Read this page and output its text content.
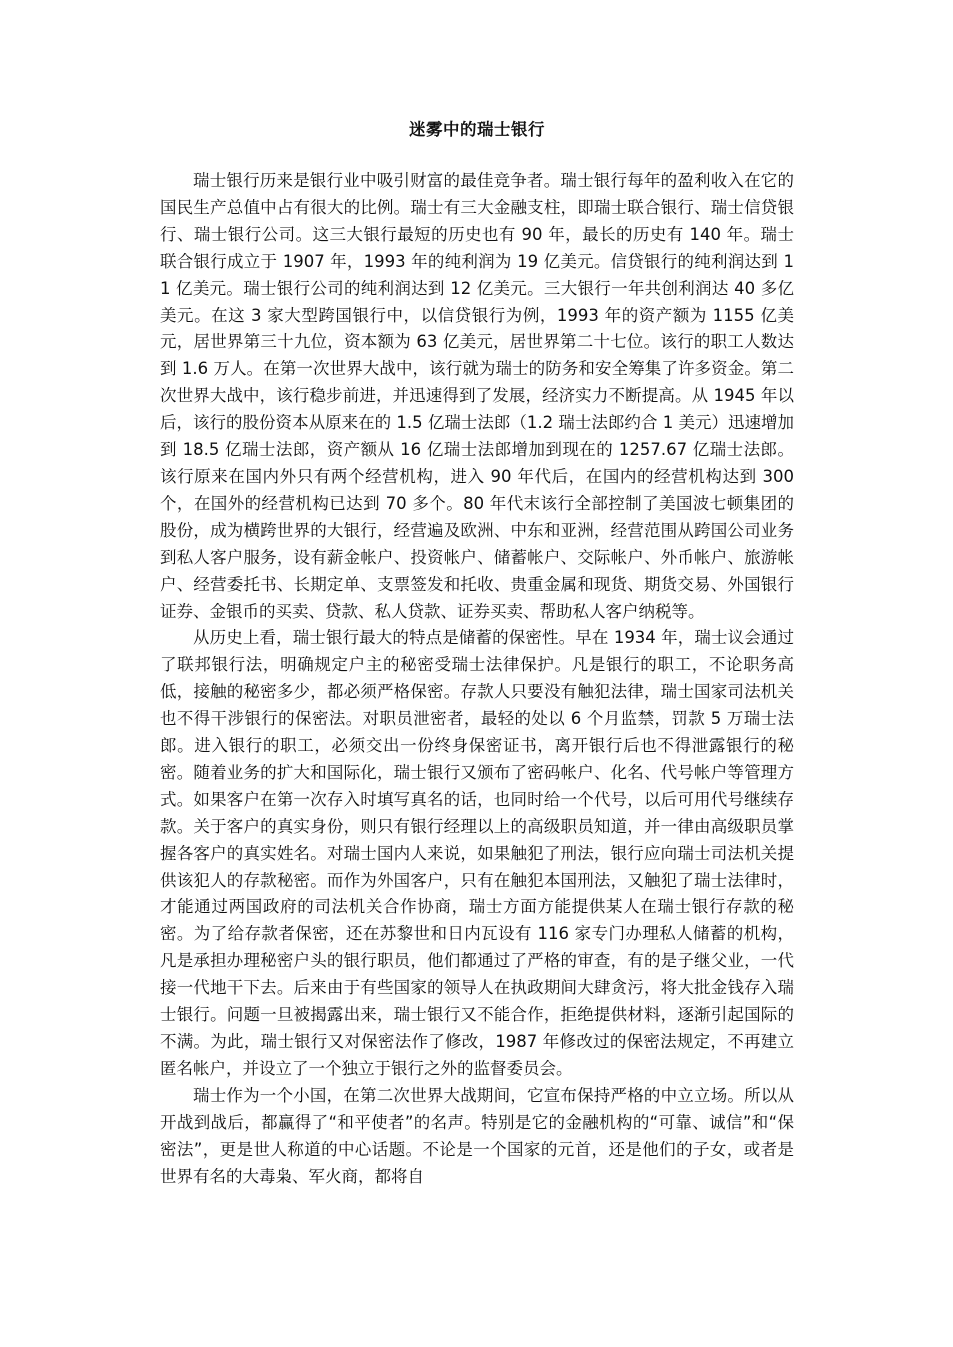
迷雾中的瑞士银行

瑞士银行历来是银行业中吸引财富的最佳竞争者。瑞士银行每年的盈利收入在它的国民生产总值中占有很大的比例。瑞士有三大金融支柱，即瑞士联合银行、瑞士信贷银行、瑞士银行公司。这三大银行最短的历史也有 90 年，最长的历史有 140 年。瑞士联合银行成立于 1907 年，1993 年的纯利润为 19 亿美元。信贷银行的纯利润达到 11 亿美元。瑞士银行公司的纯利润达到 12 亿美元。三大银行一年共创利润达 40 多亿美元。在这 3 家大型跨国银行中，以信贷银行为例，1993 年的资产额为 1155 亿美元，居世界第三十九位，资本额为 63 亿美元，居世界第二十七位。该行的职工人数达到 1.6 万人。在第一次世界大战中，该行就为瑞士的防务和安全筹集了许多资金。第二次世界大战中，该行稳步前进，并迅速得到了发展，经济实力不断提高。从 1945 年以后，该行的股份资本从原来在的 1.5 亿瑞士法郎（1.2 瑞士法郎约合 1 美元）迅速增加到 18.5 亿瑞士法郎，资产额从 16 亿瑞士法郎增加到现在的 1257.67 亿瑞士法郎。该行原来在国内外只有两个经营机构，进入 90 年代后，在国内的经营机构达到 300 个，在国外的经营机构已达到 70 多个。80 年代末该行全部控制了美国波七顿集团的股份，成为横跨世界的大银行，经营遍及欧洲、中东和亚洲，经营范围从跨国公司业务到私人客户服务，设有薪金帐户、投资帐户、储蓄帐户、交际帐户、外币帐户、旅游帐户、经营委托书、长期定单、支票签发和托收、贵重金属和现货、期货交易、外国银行证券、金银币的买卖、贷款、私人贷款、证券买卖、帮助私人客户纳税等。

从历史上看，瑞士银行最大的特点是储蓄的保密性。早在 1934 年，瑞士议会通过了联邦银行法，明确规定户主的秘密受瑞士法律保护。凡是银行的职工，不论职务高低，接触的秘密多少，都必须严格保密。存款人只要没有触犯法律，瑞士国家司法机关也不得干涉银行的保密法。对职员泄密者，最轻的处以 6 个月监禁，罚款 5 万瑞士法郎。进入银行的职工，必须交出一份终身保密证书，离开银行后也不得泄露银行的秘密。随着业务的扩大和国际化，瑞士银行又颁布了密码帐户、化名、代号帐户等管理方式。如果客户在第一次存入时填写真名的话，也同时给一个代号，以后可用代号继续存款。关于客户的真实身份，则只有银行经理以上的高级职员知道，并一律由高级职员掌握各客户的真实姓名。对瑞士国内人来说，如果触犯了刑法，银行应向瑞士司法机关提供该犯人的存款秘密。而作为外国客户，只有在触犯本国刑法，又触犯了瑞士法律时，才能通过两国政府的司法机关合作协商，瑞士方面方能提供某人在瑞士银行存款的秘密。为了给存款者保密，还在苏黎世和日内瓦设有 116 家专门办理私人储蓄的机构，凡是承担办理秘密户头的银行职员，他们都通过了严格的审查，有的是子继父业，一代接一代地干下去。后来由于有些国家的领导人在执政期间大肆贪污，将大批金钱存入瑞士银行。问题一旦被揭露出来，瑞士银行又不能合作，拒绝提供材料，逐渐引起国际的不满。为此，瑞士银行又对保密法作了修改，1987 年修改过的保密法规定，不再建立匿名帐户，并设立了一个独立于银行之外的监督委员会。

瑞士作为一个小国，在第二次世界大战期间，它宣布保持严格的中立立场。所以从开战到战后，都赢得了“和平使者”的名声。特别是它的金融机构的“可靠、诚信”和“保密法”，更是世人称道的中心话题。不论是一个国家的元首，还是他们的子女，或者是世界有名的大毒枭、军火商，都将自
